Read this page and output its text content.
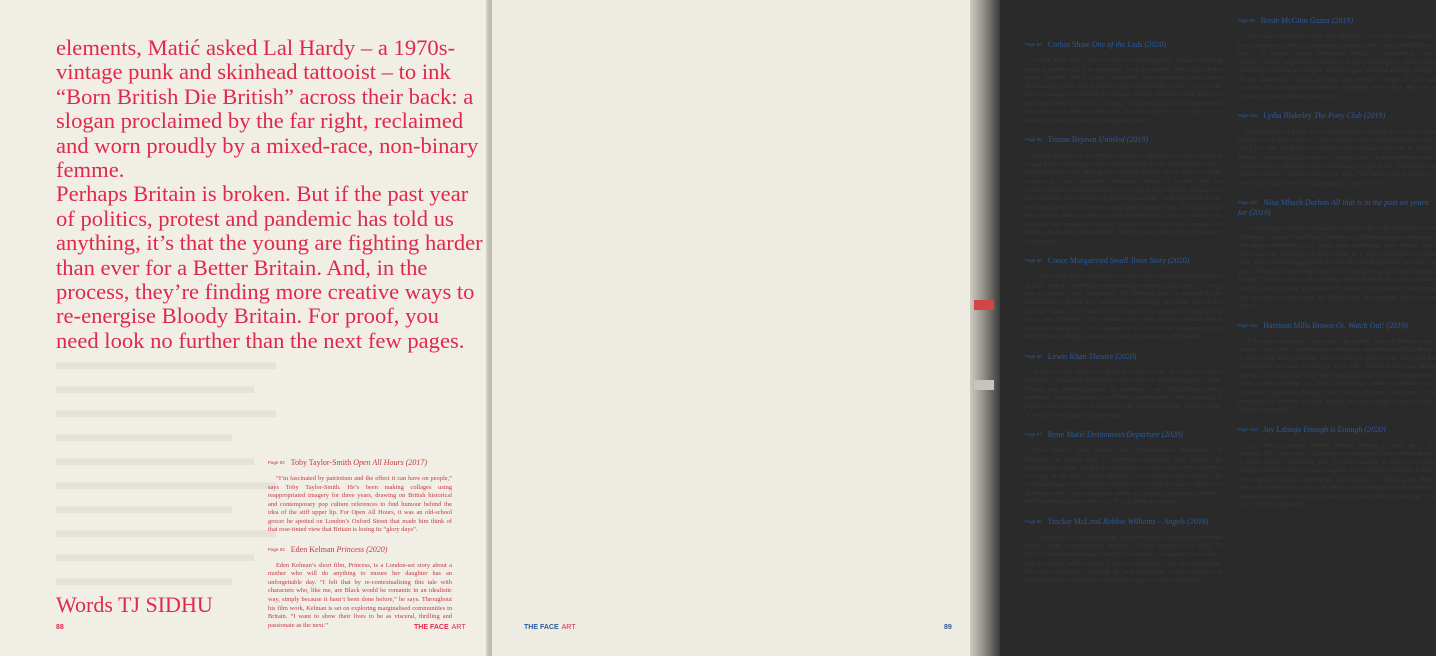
▬▬▬▬▬▬▬▬▬▬
▬▬▬▬▬▬▬▬▬
▬▬▬▬▬▬▬▬▬▬
▬▬▬▬▬▬▬▬
▬▬▬▬▬▬▬▬▬
▬▬▬▬▬▬▬▬▬▬
▬▬▬▬▬▬▬▬
▬▬▬▬▬▬▬▬▬▬
▬▬▬▬▬▬▬▬▬
▬▬▬▬▬▬▬▬

elements, Matić asked Lal Hardy – a 1970s-vintage punk and skinhead tattooist – to ink “Born British Die British” across their back: a slogan proclaimed by the far right, reclaimed and worn proudly by a mixed-race, non-binary femme.

Perhaps Britain is broken. But if the past year of politics, protest and pandemic has told us anything, it’s that the young are fighting harder than ever for a Better Britain. And, in the process, they’re finding more creative ways to re-energise Bloody Britain. For proof, you need look no further than the next few pages.

$^{Page 92}$ Toby Taylor-Smith Open All Hours (2017)

“I’m fascinated by patriotism and the effect it can have on people,” says Toby Taylor-Smith. He’s been making collages using reappropriated imagery for three years, drawing on British historical and contemporary pop culture references to find humour behind the idea of the stiff upper lip. For Open All Hours, it was an old-school grocer he spotted on London’s Oxford Street that made him think of that rose-tinted view that Britain is losing its “glory days”.

$^{Page 93}$ Eden Kelman Princess (2020)

Eden Kelman’s short film, Princess, is a London-set story about a mother who will do anything to ensure her daughter has an unforgettable day. “I felt that by re-contextualising this tale with characters who, like me, are Black would be romantic in an idealistic way, simply because it hasn’t been done before,” he says. Throughout his film work, Kelman is set on exploring marginalised communities in Britain. “I want to show their lives to be as visceral, thrilling and passionate as the next.”

Words TJ SIDHU
88	THE FACE ART
$^{Page 94}$ Corbin Shaw One of the Lads (2020)

Corbin Shaw didn’t grow up with an art background. Instead of milling about in galleries, he’d be in the pub, or at the football with his dad in his native Sheffield. But it’s these traditionally hetero-normative spaces, often dominated by men, that influence Shaw’s multimedia work. “I look at the rites of passage of manhood in England, and the obstacles which men pose upon each other in society,” he says. “I’m interested in how heterosexual men perform as ‘men’ to other men, for their approval or as a tribal act of wanting to fit in and belong amongst each other.”

$^{Page 95}$ Tristan Bejawn Untitled (2019)

Tristan Bejawn saw a scene play out from a distance last year: a group of young Black kids targeted for stop-and-search by the Metropolitan Police. Throughout his work, photographer Bejawn focuses on the impact of youth violence in local communities throughout Britain. “I couldn’t help but wonder what the emotional impact on a young person would be, having been surrounded by police simply for gathering in a park.” In that incident, no one was apprehended, and everyone went their separate ways. “It’s just part of the everyday dialect of life in South London, [but] I want to reframe the common and insidious narrative portrayed in [the] British media, and address the human and emotional cost that that violence has on London’s communities.”

$^{Page 96}$ Conor Murgatroyd Small Town Story (2020)

“This country has come together to face some unprecedented challenges in 2020 with a completely incompetent government at the helm.” So says fine art painter Conor Murgatroyd. The Bradford native is inspired by the mundanities of British life – dartboards, scaffolding, the ornate vases in his late nan’s home – to make pieces reflecting “an emotional young man in places like Bradford”. He combines these with various ambient British aesthetics, like gaudy ’70s wallpaper or a Golf GTI, as metaphors for his own life as a working-class man growing up in the north of England.

$^{Page 98}$ Lewis Khan Theatre (2020)

In 2015 Lewis Khan was granted access to one of London’s busiest hospitals, Chelsea and Westminster. Five years on, the photographer’s book, Theatre, was published against the backdrop of an NHS battling a global pandemic. Tackling mortality, well-being, sentimentality and spirituality, it exposes the resilience and strength of the British healthcare system before, as well as during, times of great strain.

$^{Page 97}$ Rene Matić Destination/Departure (2020)

Rene Matić’s work explores the “immeasurable dimensions” of Blackness in Britain and, in Destination/Departure, they explore the skinhead movement, using it as a metaphor to examine their own experience of living in the Black British diaspora. “To excavate white jealousy, the continued legacy of colonialism and the fear of a Black planet – [these are] all things which find convergence within and upon my mixed-race identity,” the Peterborough born artist says. “It’s all about the glitches.”

$^{Page 98}$ Trackie McLeod Robbie Williams – Angels (2018)

Trackie McLeod bridges the gap between British pop culture and mental health, riding on recognisable imagery – Gazza, tearful on the Italia ’90 pitch; a booted-up lad being carried by his mates – to respond to lad culture, and the mental health impacts it has on young men. Gay and Glaswegian, McLeod’s experiences growing up lend themselves to the narratives of hyper-masculine stereotypes, told with a tongue-in-cheek sensibility.

$^{Page 99}$ Rosie McGinn Gazza (2019)

What makes Rosie McGinn’s work British? “I’ve never been asked that, but I can’t deny it when I’m depicting characters like Gazza, and Torvill and Dean,” the sculptor replies. Maidstone’s McGinn is interested in human instinct, chasing heightened moments and the psychological, which drives underlying euphoria and despair. Scoring a goal, winning at bingo, raving – all are intrinsically British activities that provide a sense of faith and escapism. Oh, and good old-fashioned community spirit, which, this year, is a more precious commodity than ever.

$^{Page 100}$ Lydia Blakeley The Pony Club (2019)

Drunk punters at Royal Ascot, suited bankers fighting on a street, trackie bottoms and Kappa trainers… Lydia Blakeley paints ostensibly banal scenes, using her fine art practice to elevate and reinstate lived life in Modern Britain. Responding to the events of the past year, the Bracknell-born artist reckons there’s a glimmer of hope that things can get better. “I think there is a shared resilience in this country,” she says. “The charity and generosity of people has really shone through during the current crisis.”

$^{Page 101}$ Nina Mbach Durban All that is in the past we yearn for (2019)

“I am using my practice to question what the role of the diasporic artist is in Britain,” sculptor Nina Mbach Durban says. Durban engages with images and objects embedded in her South Asian upbringing: from Punjabi flyers found near her South-West London home, to a 2008 photograph of Indian actor Shilpa Shetty hugging Jade Goody after the Big Brother race row. “It was a defining and universal moment for those growing up Asian in modern Britain,” Durban says of the incident, which centred on racist comments made by Goody during the show’s fifth series. “It propelled me, at a young age, into direct conflict with my identity and has remained with me ever since.”

$^{Page 102}$ Harrison Mills Brown Oi, Watch Out! (2019)

“I document narratives from around the country, from all different social groups,” says South London-based multimedia artist Harrison Mills Brown. “I don’t think being a British artist is either a good or bad thing, but the contemporary art scene is killing it in the UK.” Brown draws from British regional culture up and down the country, and the icons of contemporary youth, while drawing on class, entitlement, culture, supremacy and government regulation through film, castings and paint. His focus: “The privileges that prevent us from making any real change towards racism, classism and sexism.”

$^{Page 103}$ Joy Labinjo Enough is Enough (2020)

Joy Labinjo questions identity politics, holding a mirror up to the everyday. Her large-scale oil paintings are purposefully uncomfortable and, at times, surreal, comparing how we see ourselves to how we’re seen, through portraits both real and imagined. For Enough is Enough, Labinjo was inspired to paint a photograph she’d taken at a Black Lives Matter protest in London earlier this year. “People participating in the BLM protests during the pandemic, especially Black people, were described as thugs,” she says. “I felt the opposite.”

THE FACE ART	89
